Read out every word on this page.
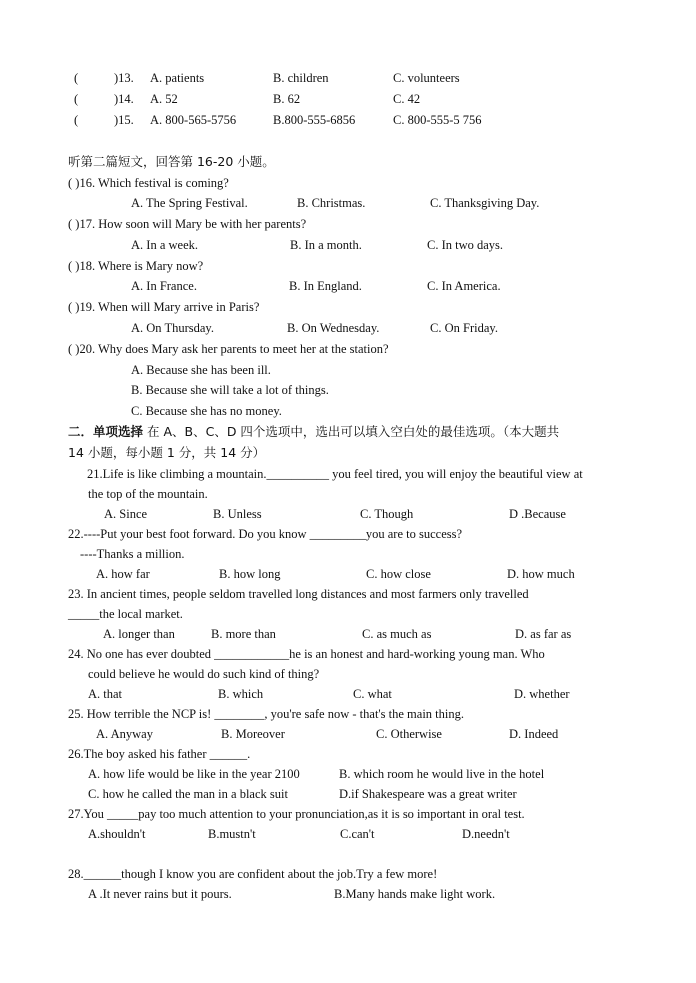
(	)13. A. patients	B. children	C. volunteers
(	)14. A. 52	B. 62	C. 42
(	)15. A. 800-565-5756	B.800-555-6856	C. 800-555-5 756
听第二篇短文，回答第 16-20 小题。
( )16. Which festival is coming?
A. The Spring Festival.	B. Christmas.	C. Thanksgiving Day.
( )17. How soon will Mary be with her parents?
A. In a week.	B. In a month.	C. In two days.
( )18. Where is Mary now?
A. In France.	B. In England.	C. In America.
( )19. When will Mary arrive in Paris?
A. On Thursday.	B. On Wednesday.	C. On Friday.
( )20. Why does Mary ask her parents to meet her at the station?
A. Because she has been ill.
B. Because she will take a lot of things.
C. Because she has no money.
二．单项选择 在 A、B、C、D 四个选项中，选出可以填入空白处的最佳选项。（本大题共
14 小题，每小题 1 分，共 14 分）
21.Life is like climbing a mountain.__________ you feel tired, you will enjoy the beautiful view at
the top of the mountain.
A. Since	B. Unless	C. Though	D .Because
22.----Put your best foot forward. Do you know _________you are to success?
----Thanks a million.
A. how far	B. how long	C. how close	D. how much
23. In ancient times, people seldom travelled long distances and most farmers only travelled
_____the local market.
A. longer than	B. more than	C. as much as	D. as far as
24. No one has ever doubted ____________he is an honest and hard-working young man. Who
could believe he would do such kind of thing?
A. that	B. which	C. what	D. whether
25. How terrible the NCP is! ________, you're safe now - that's the main thing.
A. Anyway	B. Moreover	C. Otherwise	D. Indeed
26.The boy asked his father ______.
A. how life would be like in the year 2100	B. which room he would live in the hotel
C. how he called the man in a black suit	D.if Shakespeare was a great writer
27.You _____pay too much attention to your pronunciation,as it is so important in oral test.
A.shouldn't	B.mustn't	C.can't	D.needn't
28.______though I know you are confident about the job.Try a few more!
A .It never rains but it pours.	B.Many hands make light work.
